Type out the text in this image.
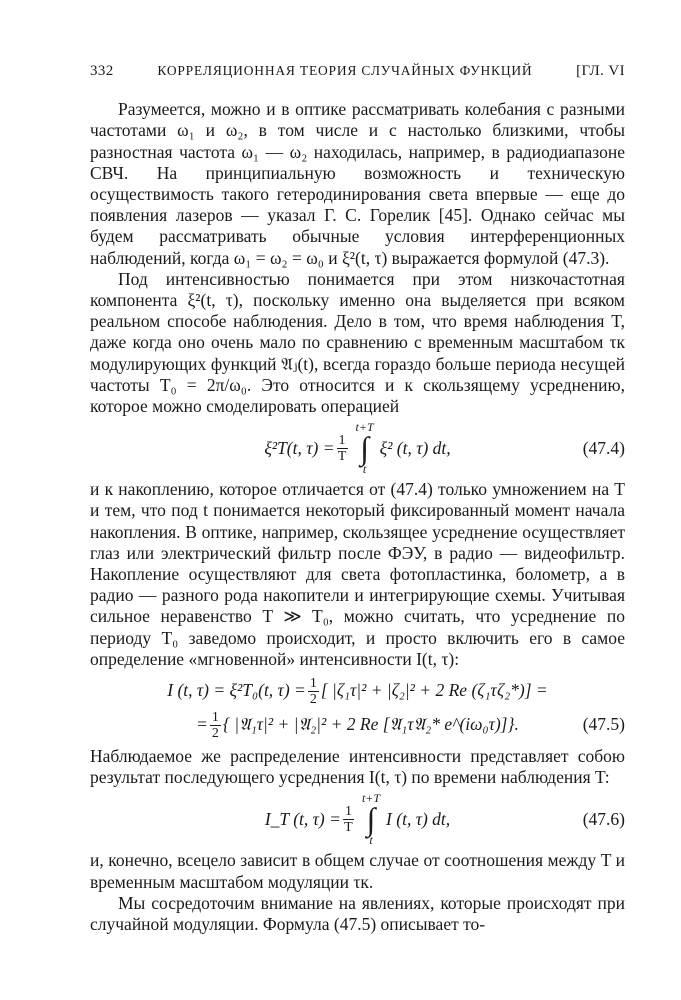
332	КОРРЕЛЯЦИОННАЯ ТЕОРИЯ СЛУЧАЙНЫХ ФУНКЦИЙ	[ГЛ. VI

Разумеется, можно и в оптике рассматривать колебания с разными частотами ω₁ и ω₂, в том числе и с настолько близкими, чтобы разностная частота ω₁ — ω₂ находилась, например, в радиодиапазоне СВЧ. На принципиальную возможность и техническую осуществимость такого гетеродинирования света впервые — еще до появления лазеров — указал Г. С. Горелик [45]. Однако сейчас мы будем рассматривать обычные условия интерференционных наблюдений, когда ω₁ = ω₂ = ω₀ и ξ²(t, τ) выражается формулой (47.3).

Под интенсивностью понимается при этом низкочастотная компонента ξ²(t, τ), поскольку именно она выделяется при всяком реальном способе наблюдения. Дело в том, что время наблюдения T, даже когда оно очень мало по сравнению с временным масштабом τк модулирующих функций 𝔄ⱼ(t), всегда гораздо больше периода несущей частоты T₀ = 2π/ω₀. Это относится и к скользящему усреднению, которое можно смоделировать операцией

ξ²T(t, $\tau) = \frac{1}{T}$
t+T
∫
t
ξ² (t, τ) dt,	(47.4)

и к накоплению, которое отличается от (47.4) только умножением на T и тем, что под t понимается некоторый фиксированный момент начала накопления. В оптике, например, скользящее усреднение осуществляет глаз или электрический фильтр после ФЭУ, в радио — видеофильтр. Накопление осуществляют для света фотопластинка, болометр, а в радио — разного рода накопители и интегрирующие схемы. Учитывая сильное неравенство T ≫ T₀, можно считать, что усреднение по периоду T₀ заведомо происходит, и просто включить его в самое определение «мгновенной» интенсивности I(t, τ):

I (t, τ) = ξ²T₀(t, $\tau) = \frac{1}{2}$ [ |ζ₁τ|² + |ζ₂|² + 2 Re (ζ₁τζ₂*)] =
= $\frac{1}{2}$ { |𝔄₁τ|² + |𝔄₂|² + 2 Re [𝔄₁τ𝔄₂* e^(iω₀τ)]}.	(47.5)

Наблюдаемое же распределение интенсивности представляет собою результат последующего усреднения I(t, τ) по времени наблюдения T:

I_T (t, $\tau) = \frac{1}{T}$
t+T
∫
t
I (t, τ) dt,	(47.6)

и, конечно, всецело зависит в общем случае от соотношения между T и временным масштабом модуляции τк.

Мы сосредоточим внимание на явлениях, которые происходят при случайной модуляции. Формула (47.5) описывает то-
